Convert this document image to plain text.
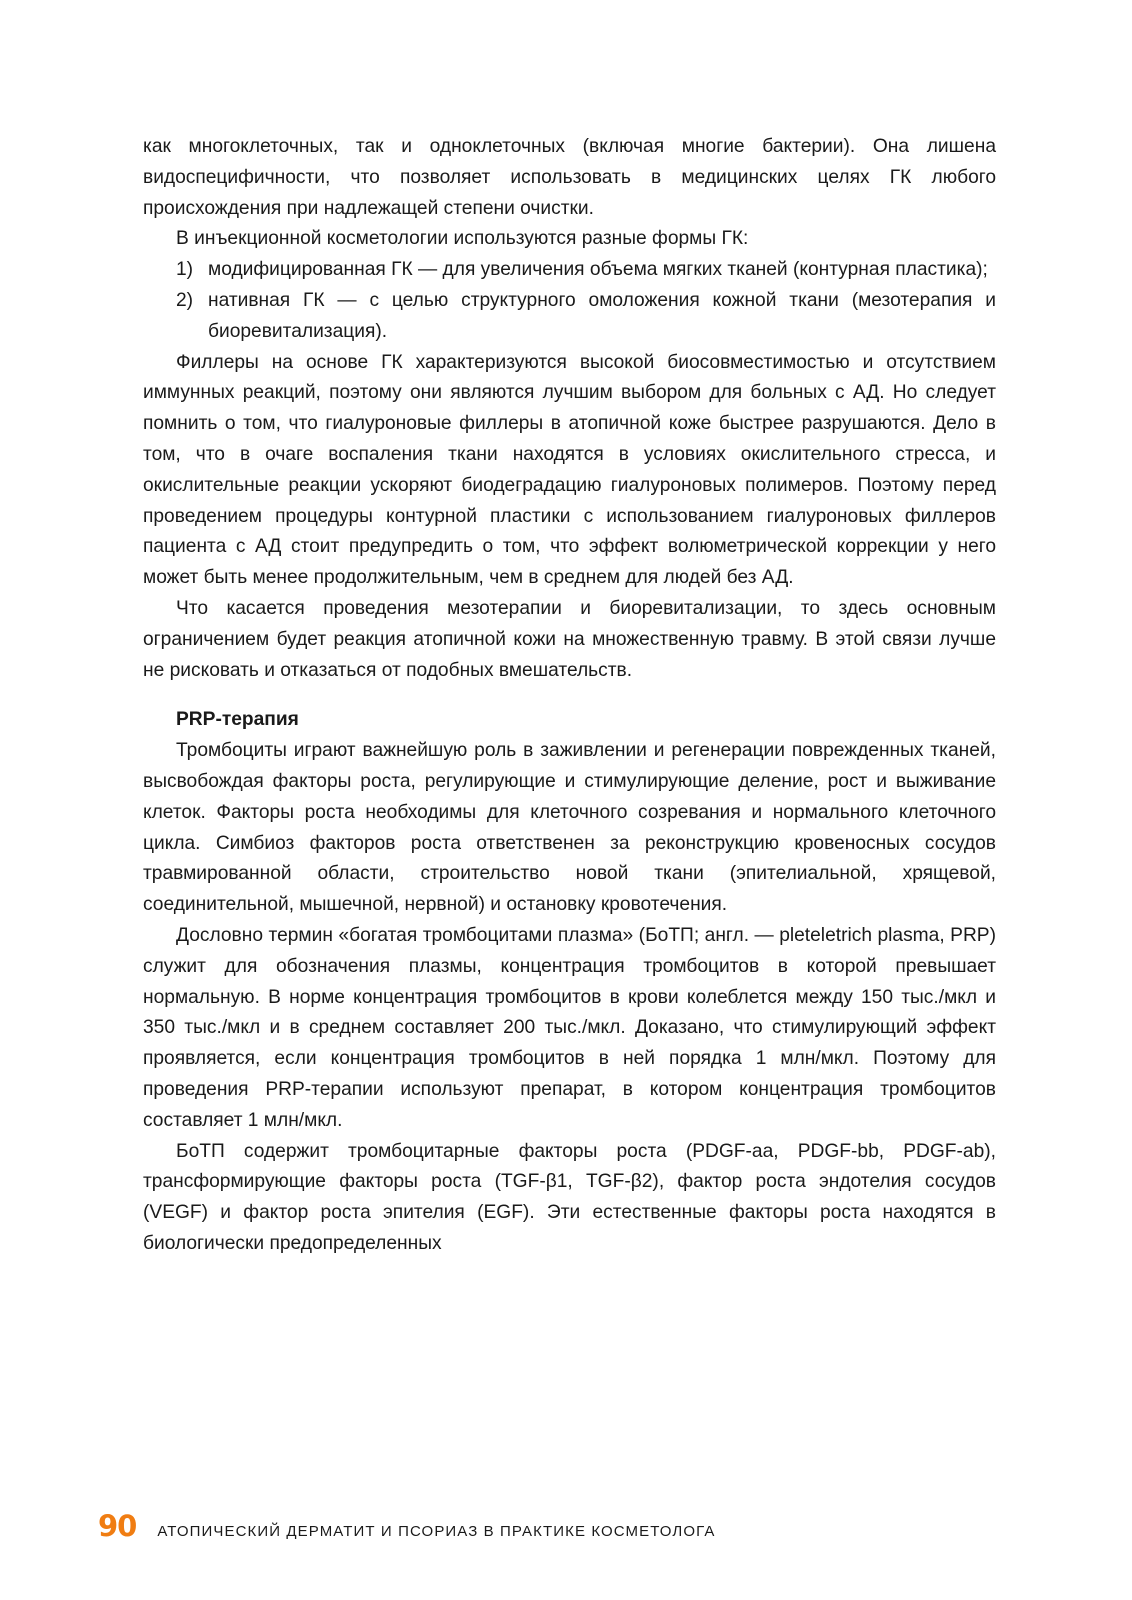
как многоклеточных, так и одноклеточных (включая многие бактерии). Она лишена видоспецифичности, что позволяет использовать в медицинских целях ГК любого происхождения при надлежащей степени очистки.

В инъекционной косметологии используются разные формы ГК:

1) модифицированная ГК — для увеличения объема мягких тканей (контурная пластика);
2) нативная ГК — с целью структурного омоложения кожной ткани (мезотерапия и биоревитализация).

Филлеры на основе ГК характеризуются высокой биосовместимостью и отсутствием иммунных реакций, поэтому они являются лучшим выбором для больных с АД. Но следует помнить о том, что гиалуроновые филлеры в атопичной коже быстрее разрушаются. Дело в том, что в очаге воспаления ткани находятся в условиях окислительного стресса, и окислительные реакции ускоряют биодеградацию гиалуроновых полимеров. Поэтому перед проведением процедуры контурной пластики с использованием гиалуроновых филлеров пациента с АД стоит предупредить о том, что эффект волюметрической коррекции у него может быть менее продолжительным, чем в среднем для людей без АД.

Что касается проведения мезотерапии и биоревитализации, то здесь основным ограничением будет реакция атопичной кожи на множественную травму. В этой связи лучше не рисковать и отказаться от подобных вмешательств.

PRP-терапия

Тромбоциты играют важнейшую роль в заживлении и регенерации поврежденных тканей, высвобождая факторы роста, регулирующие и стимулирующие деление, рост и выживание клеток. Факторы роста необходимы для клеточного созревания и нормального клеточного цикла. Симбиоз факторов роста ответственен за реконструкцию кровеносных сосудов травмированной области, строительство новой ткани (эпителиальной, хрящевой, соединительной, мышечной, нервной) и остановку кровотечения.

Дословно термин «богатая тромбоцитами плазма» (БоТП; англ. — pleteletrich plasma, PRP) служит для обозначения плазмы, концентрация тромбоцитов в которой превышает нормальную. В норме концентрация тромбоцитов в крови колеблется между 150 тыс./мкл и 350 тыс./мкл и в среднем составляет 200 тыс./мкл. Доказано, что стимулирующий эффект проявляется, если концентрация тромбоцитов в ней порядка 1 млн/мкл. Поэтому для проведения PRP-терапии используют препарат, в котором концентрация тромбоцитов составляет 1 млн/мкл.

БоТП содержит тромбоцитарные факторы роста (PDGF-aa, PDGF-bb, PDGF-ab), трансформирующие факторы роста (TGF-β1, TGF-β2), фактор роста эндотелия сосудов (VEGF) и фактор роста эпителия (EGF). Эти естественные факторы роста находятся в биологически предопределенных

90 АТОПИЧЕСКИЙ ДЕРМАТИТ И ПСОРИАЗ В ПРАКТИКЕ КОСМЕТОЛОГА
